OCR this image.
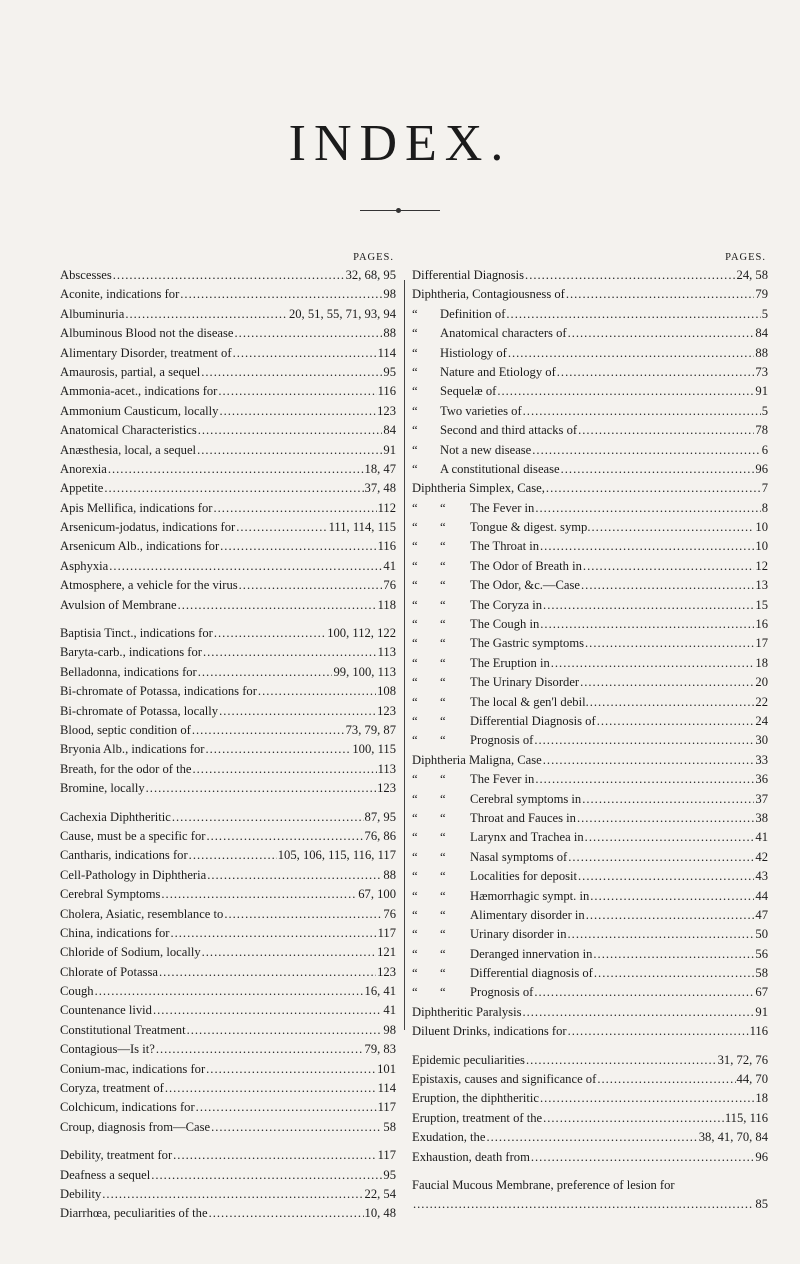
INDEX.
PAGES.
Abscesses .....	32, 68, 95
Aconite, indications for .....	98
Albuminuria .....	20, 51, 55, 71, 93, 94
Albuminous Blood not the disease .....	88
Alimentary Disorder, treatment of .....	114
Amaurosis, partial, a sequel .....	95
Ammonia-acet., indications for .....	116
Ammonium Causticum, locally .....	123
Anatomical Characteristics .....	84
Anæsthesia, local, a sequel .....	91
Anorexia .....	18, 47
Appetite .....	37, 48
Apis Mellifica, indications for .....	112
Arsenicum-jodatus, indications for .....	111, 114, 115
Arsenicum Alb., indications for .....	116
Asphyxia .....	41
Atmosphere, a vehicle for the virus .....	76
Avulsion of Membrane .....	118
Baptisia Tinct., indications for .....	100, 112, 122
Baryta-carb., indications for .....	113
Belladonna, indications for .....	99, 100, 113
Bi-chromate of Potassa, indications for .....	108
Bi-chromate of Potassa, locally .....	123
Blood, septic condition of .....	73, 79, 87
Bryonia Alb., indications for .....	100, 115
Breath, for the odor of the .....	113
Bromine, locally .....	123
Cachexia Diphtheritic .....	87, 95
Cause, must be a specific for .....	76, 86
Cantharis, indications for .....	105, 106, 115, 116, 117
Cell-Pathology in Diphtheria .....	88
Cerebral Symptoms .....	67, 100
Cholera, Asiatic, resemblance to .....	76
China, indications for .....	117
Chloride of Sodium, locally .....	121
Chlorate of Potassa .....	123
Cough .....	16, 41
Countenance livid .....	41
Constitutional Treatment .....	98
Contagious—Is it? .....	79, 83
Conium-mac, indications for .....	101
Coryza, treatment of .....	114
Colchicum, indications for .....	117
Croup, diagnosis from—Case .....	58
Debility, treatment for .....	117
Deafness a sequel .....	95
Debility .....	22, 54
Diarrhœa, peculiarities of the .....	10, 48
PAGES.
Differential Diagnosis .....	24, 58
Diphtheria, Contagiousness of .....	79
“	Definition of .....	5
“	Anatomical characters of .....	84
“	Histiology of .....	88
“	Nature and Etiology of .....	73
“	Sequelæ of .....	91
“	Two varieties of .....	5
“	Second and third attacks of .....	78
“	Not a new disease .....	6
“	A constitutional disease .....	96
Diphtheria Simplex, Case, .....	7
“	“	The Fever in .....	8
“	“	Tongue & digest. symp. .....	10
“	“	The Throat in .....	10
“	“	The Odor of Breath in .....	12
“	“	The Odor, &c.—Case .....	13
“	“	The Coryza in .....	15
“	“	The Cough in .....	16
“	“	The Gastric symptoms .....	17
“	“	The Eruption in .....	18
“	“	The Urinary Disorder .....	20
“	“	The local & gen'l debil. .....	22
“	“	Differential Diagnosis of .....	24
“	“	Prognosis of .....	30
Diphtheria Maligna, Case .....	33
“	“	The Fever in .....	36
“	“	Cerebral symptoms in .....	37
“	“	Throat and Fauces in .....	38
“	“	Larynx and Trachea in .....	41
“	“	Nasal symptoms of .....	42
“	“	Localities for deposit .....	43
“	“	Hæmorrhagic sympt. in .....	44
“	“	Alimentary disorder in .....	47
“	“	Urinary disorder in .....	50
“	“	Deranged innervation in .....	56
“	“	Differential diagnosis of .....	58
“	“	Prognosis of .....	67
Diphtheritic Paralysis .....	91
Diluent Drinks, indications for .....	116
Epidemic peculiarities .....	31, 72, 76
Epistaxis, causes and significance of .....	44, 70
Eruption, the diphtheritic .....	18
Eruption, treatment of the .....	115, 116
Exudation, the .....	38, 41, 70, 84
Exhaustion, death from .....	96
Faucial Mucous Membrane, preference of lesion for
.....
85
